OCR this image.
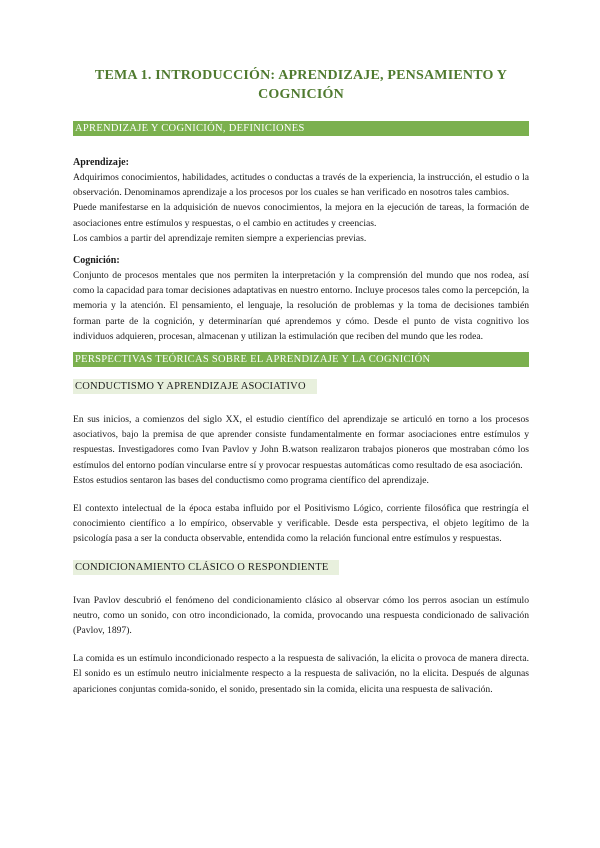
TEMA 1. INTRODUCCIÓN: APRENDIZAJE, PENSAMIENTO Y COGNICIÓN
APRENDIZAJE Y COGNICIÓN, DEFINICIONES
Aprendizaje:

Adquirimos conocimientos, habilidades, actitudes o conductas a través de la experiencia, la instrucción, el estudio o la observación. Denominamos aprendizaje a los procesos por los cuales se han verificado en nosotros tales cambios.

Puede manifestarse en la adquisición de nuevos conocimientos, la mejora en la ejecución de tareas, la formación de asociaciones entre estímulos y respuestas, o el cambio en actitudes y creencias.

Los cambios a partir del aprendizaje remiten siempre a experiencias previas.

Cognición:

Conjunto de procesos mentales que nos permiten la interpretación y la comprensión del mundo que nos rodea, así como la capacidad para tomar decisiones adaptativas en nuestro entorno. Incluye procesos tales como la percepción, la memoria y la atención. El pensamiento, el lenguaje, la resolución de problemas y la toma de decisiones también forman parte de la cognición, y determinarían qué aprendemos y cómo. Desde el punto de vista cognitivo los individuos adquieren, procesan, almacenan y utilizan la estimulación que reciben del mundo que les rodea.

PERSPECTIVAS TEÓRICAS SOBRE EL APRENDIZAJE Y LA COGNICIÓN
CONDUCTISMO Y APRENDIZAJE ASOCIATIVO

En sus inicios, a comienzos del siglo XX, el estudio científico del aprendizaje se articuló en torno a los procesos asociativos, bajo la premisa de que aprender consiste fundamentalmente en formar asociaciones entre estímulos y respuestas. Investigadores como Ivan Pavlov y John B.watson realizaron trabajos pioneros que mostraban cómo los estímulos del entorno podían vincularse entre sí y provocar respuestas automáticas como resultado de esa asociación.

Estos estudios sentaron las bases del conductismo como programa científico del aprendizaje.

El contexto intelectual de la época estaba influido por el Positivismo Lógico, corriente filosófica que restringía el conocimiento científico a lo empírico, observable y verificable. Desde esta perspectiva, el objeto legítimo de la psicología pasa a ser la conducta observable, entendida como la relación funcional entre estímulos y respuestas.

CONDICIONAMIENTO CLÁSICO O RESPONDIENTE

Ivan Pavlov descubrió el fenómeno del condicionamiento clásico al observar cómo los perros asocian un estímulo neutro, como un sonido, con otro incondicionado, la comida, provocando una respuesta condicionado de salivación (Pavlov, 1897).

La comida es un estímulo incondicionado respecto a la respuesta de salivación, la elicita o provoca de manera directa. El sonido es un estímulo neutro inicialmente respecto a la respuesta de salivación, no la elicita. Después de algunas apariciones conjuntas comida-sonido, el sonido, presentado sin la comida, elicita una respuesta de salivación.
